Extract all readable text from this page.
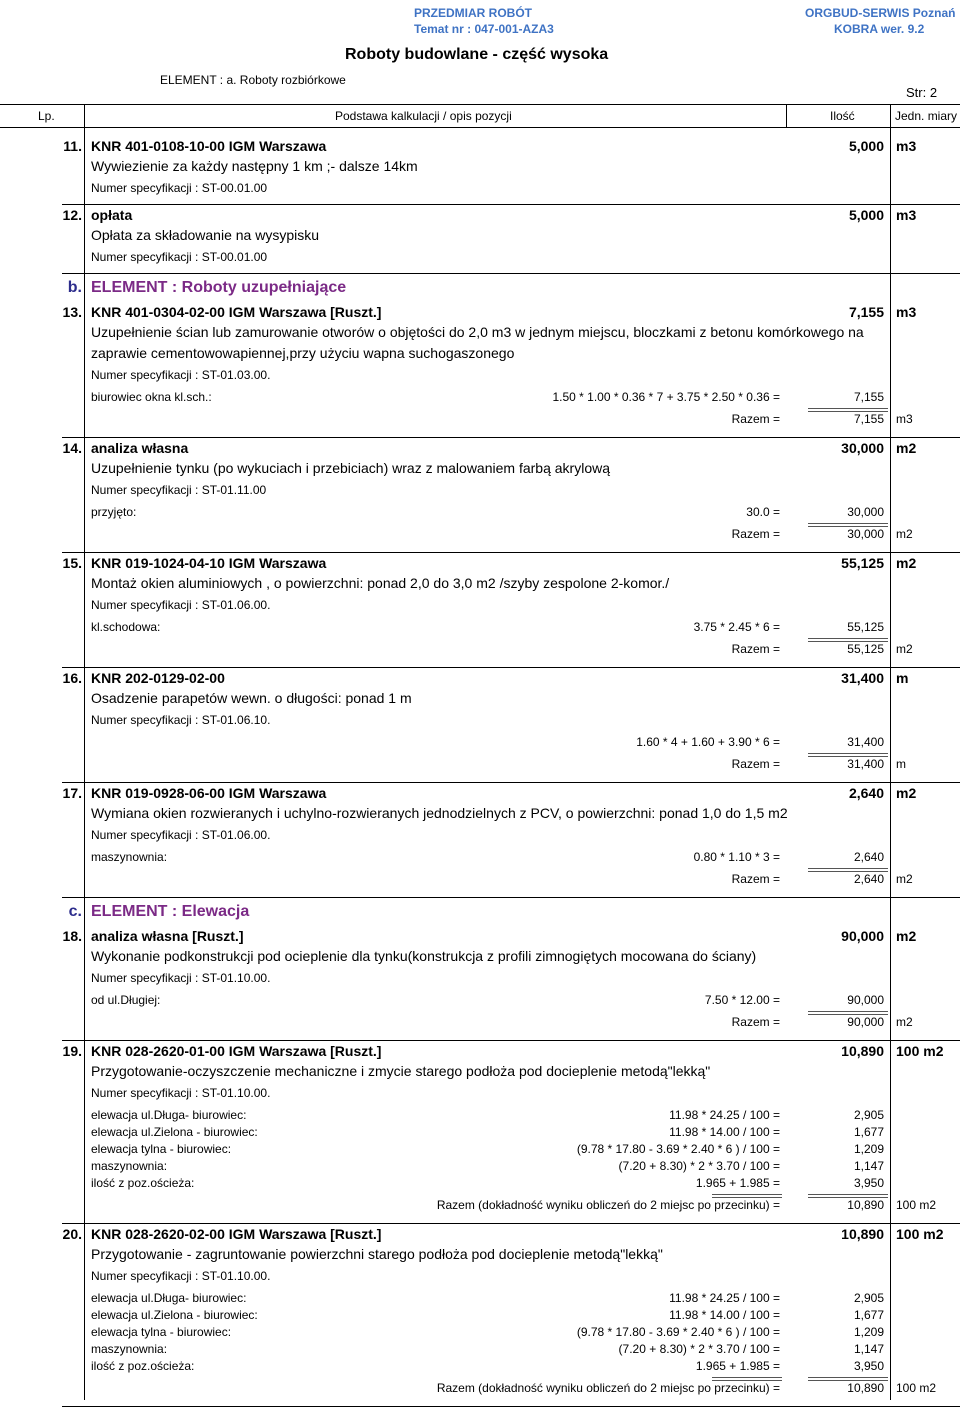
PRZEDMIAR ROBÓT
Temat nr : 047-001-AZA3
ORGBUD-SERWIS Poznań
KOBRA wer. 9.2
Roboty budowlane - część wysoka
ELEMENT : a. Roboty rozbiórkowe
Str: 2
Lp.	Podstawa kalkulacji / opis pozycji	Ilość	Jedn. miary
11. KNR 401-0108-10-00 IGM Warszawa	5,000 m3
Wywiezienie za każdy następny 1 km ;- dalsze 14km
Numer specyfikacji : ST-00.01.00
12. opłata	5,000 m3
Opłata za składowanie na wysypisku
Numer specyfikacji : ST-00.01.00
b. ELEMENT : Roboty uzupełniające
13. KNR 401-0304-02-00 IGM Warszawa [Ruszt.]	7,155 m3
Uzupełnienie ścian lub zamurowanie otworów o objętości do 2,0 m3 w jednym miejscu, bloczkami z betonu komórkowego na zaprawie cementowowapiennej,przy użyciu wapna suchogaszonego
Numer specyfikacji : ST-01.03.00.
biurowiec okna kl.sch.:	1.50 * 1.00 * 0.36 * 7 + 3.75 * 2.50 * 0.36 =	7,155
Razem =	7,155 m3
14. analiza własna	30,000 m2
Uzupełnienie tynku (po wykuciach i przebiciach) wraz z malowaniem farbą akrylową
Numer specyfikacji : ST-01.11.00
przyjęto:	30.0 =	30,000
Razem =	30,000 m2
15. KNR 019-1024-04-10 IGM Warszawa	55,125 m2
Montaż okien aluminiowych , o powierzchni: ponad 2,0 do 3,0 m2 /szyby zespolone 2-komor./
Numer specyfikacji : ST-01.06.00.
kl.schodowa:	3.75 * 2.45 * 6 =	55,125
Razem =	55,125 m2
16. KNR 202-0129-02-00	31,400 m
Osadzenie parapetów wewn. o długości: ponad 1 m
Numer specyfikacji : ST-01.06.10.
1.60 * 4 + 1.60 + 3.90 * 6 =	31,400
Razem =	31,400 m
17. KNR 019-0928-06-00 IGM Warszawa	2,640 m2
Wymiana okien rozwieranych i uchylno-rozwieranych jednodzielnych z PCV, o powierzchni: ponad 1,0 do 1,5 m2
Numer specyfikacji : ST-01.06.00.
maszynownia:	0.80 * 1.10 * 3 =	2,640
Razem =	2,640 m2
c. ELEMENT : Elewacja
18. analiza własna [Ruszt.]	90,000 m2
Wykonanie podkonstrukcji pod ocieplenie dla tynku(konstrukcja z profili zimnogiętych mocowana do ściany)
Numer specyfikacji : ST-01.10.00.
od ul.Długiej:	7.50 * 12.00 =	90,000
Razem =	90,000 m2
19. KNR 028-2620-01-00 IGM Warszawa [Ruszt.]	10,890 100 m2
Przygotowanie-oczyszczenie mechaniczne i zmycie starego podłoża pod docieplenie metodą"lekką"
Numer specyfikacji : ST-01.10.00.
elewacja ul.Długa- biurowiec:	11.98 * 24.25 / 100 =	2,905
elewacja ul.Zielona - biurowiec:	11.98 * 14.00 / 100 =	1,677
elewacja tylna - biurowiec:	(9.78 * 17.80 - 3.69 * 2.40 * 6 ) / 100 =	1,209
maszynownia:	(7.20 + 8.30) * 2 * 3.70 / 100 =	1,147
ilość z poz.ościeża:	1.965 + 1.985 =	3,950
Razem (dokładność wyniku obliczeń do 2 miejsc po przecinku) =	10,890 100 m2
20. KNR 028-2620-02-00 IGM Warszawa [Ruszt.]	10,890 100 m2
Przygotowanie - zagruntowanie powierzchni starego podłoża pod docieplenie metodą"lekką"
Numer specyfikacji : ST-01.10.00.
elewacja ul.Długa- biurowiec:	11.98 * 24.25 / 100 =	2,905
elewacja ul.Zielona - biurowiec:	11.98 * 14.00 / 100 =	1,677
elewacja tylna - biurowiec:	(9.78 * 17.80 - 3.69 * 2.40 * 6 ) / 100 =	1,209
maszynownia:	(7.20 + 8.30) * 2 * 3.70 / 100 =	1,147
ilość z poz.ościeża:	1.965 + 1.985 =	3,950
Razem (dokładność wyniku obliczeń do 2 miejsc po przecinku) =	10,890 100 m2
